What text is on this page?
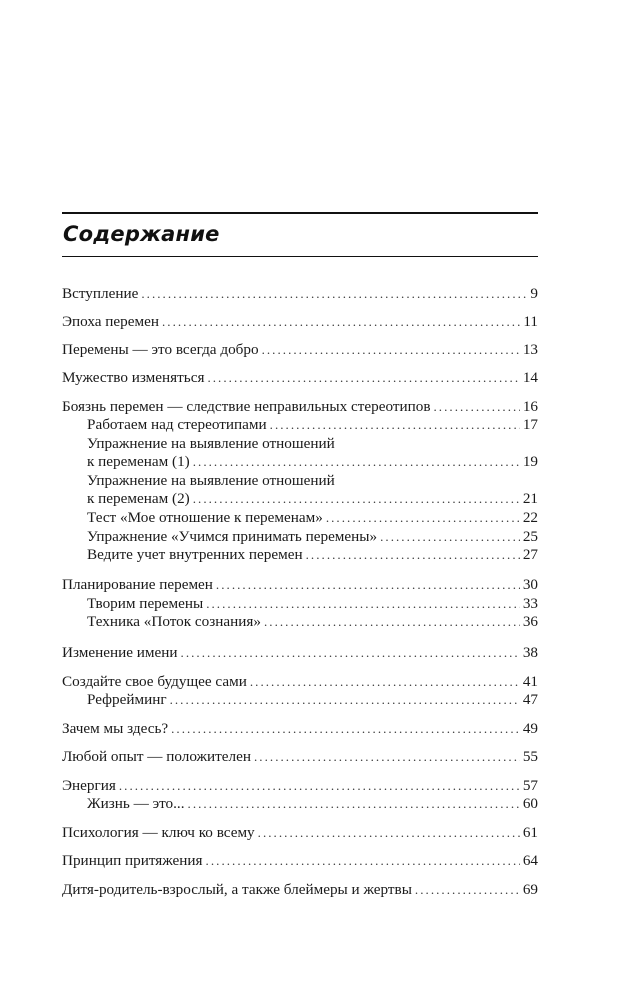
Содержание
Вступление . . .	9
Эпоха перемен . . .	11
Перемены — это всегда добро . . .	13
Мужество изменяться . . .	14
Боязнь перемен — следствие неправильных стереотипов . . .	16
Работаем над стереотипами . . .	17
Упражнение на выявление отношений
к переменам (1) . . .	19
Упражнение на выявление отношений
к переменам (2) . . .	21
Тест «Мое отношение к переменам» . . .	22
Упражнение «Учимся принимать перемены» . . .	25
Ведите учет внутренних перемен . . .	27
Планирование перемен . . .	30
Творим перемены . . .	33
Техника «Поток сознания» . . .	36
Изменение имени . . .	38
Создайте свое будущее сами . . .	41
Рефрейминг . . .	47
Зачем мы здесь? . . .	49
Любой опыт — положителен . . .	55
Энергия . . .	57
Жизнь — это... . . .	60
Психология — ключ ко всему . . .	61
Принцип притяжения . . .	64
Дитя-родитель-взрослый, а также блеймеры и жертвы . . .	69
